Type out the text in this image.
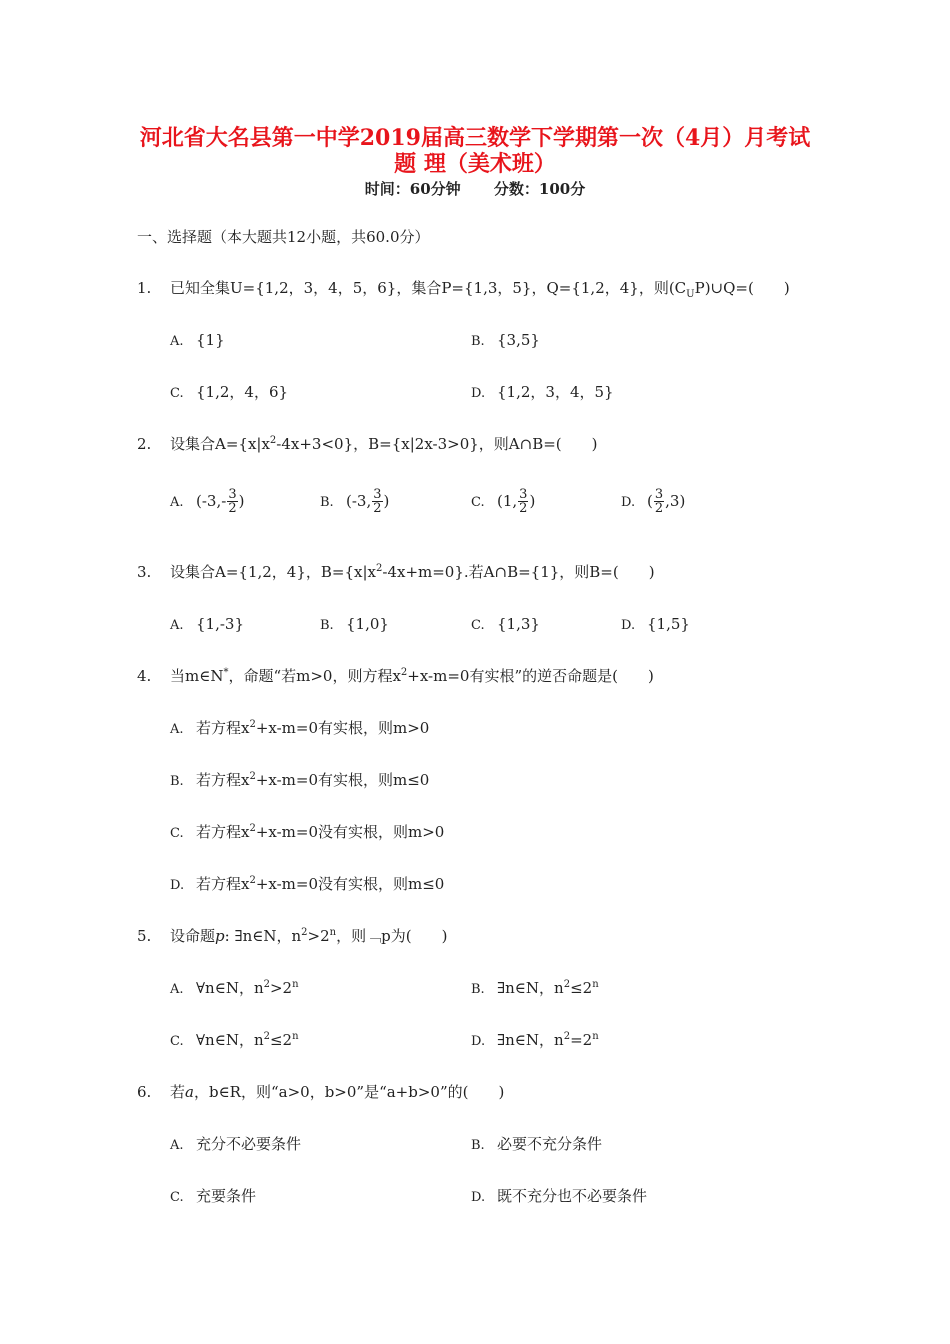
河北省大名县第一中学2019届高三数学下学期第一次（4月）月考试
题 理（美术班）
时间：60分钟 分数：100分
一、选择题（本大题共12小题，共60.0分）
1. 已知全集U={1,2，3，4，5，6}，集合P={1,3，5}，Q={1,2，4}，则$(C_UP)\cup Q=$(　　)
A. {1}	B. {3,5}
C. {1,2，4，6}	D. {1,2，3，4，5}
2. 设集合$A=\{x|x^2-4x+3<0\}$，B={x|2x-3>0}，则A∩B=(　　)
A. ($-3,- \frac{3}{2}$ )	B. (-3, $\frac{3}{2}$ )	C. (1, $\frac{3}{2}$ )	D. ( $\frac{3}{2} ,3$)
3. 设集合A={1,2，4}，$B=\{x|x^2-4x+m=0\}$.若A∩B={1}，则B=(　　)
A. {1,-3}	B. {1,0}	C. {1,3}	D. {1,5}
4. 当m∈N*，命题“若m>0，则方程$x^2+x-m=0$有实根”的逆否命题是(　　)
A. 若方程$x^2+x-m=0$有实根，则m>0
B. 若方程$x^2+x-m=0$有实根，则m≤0
C. 若方程$x^2+x-m=0$没有实根，则m>0
D. 若方程$x^2+x-m=0$没有实根，则m≤0
5. 设命题p: ∃n∈N，$n^2>2^n$，则﹁p为(　　)
A. ∀n∈N，$n^2>2^n$	B. ∃n∈N，$n^2\le 2^n$
C. ∀n∈N，$n^2\le 2^n$	D. ∃n∈N，$n^2=2^n$
6. 若a，b∈R，则“a>0，b>0”是“a+b>0”的(　　)
A. 充分不必要条件	B. 必要不充分条件
C. 充要条件	D. 既不充分也不必要条件
